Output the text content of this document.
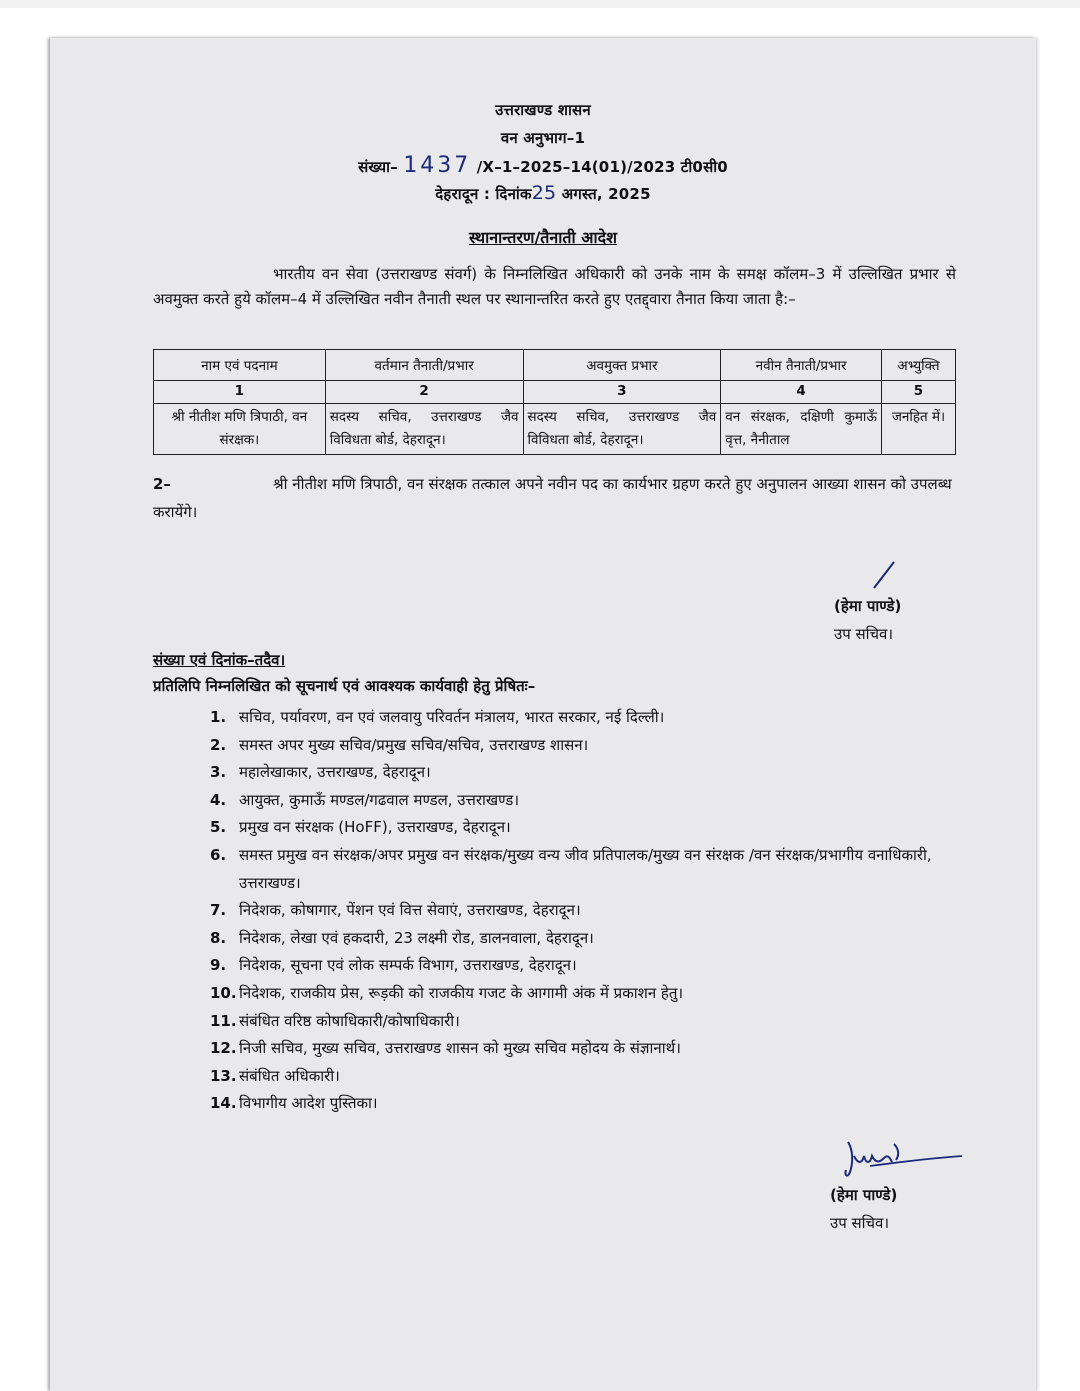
उत्तराखण्ड शासन
वन अनुभाग–1
संख्या– 1437 /X–1–2025–14(01)/2023 टी0सी0
देहरादून : दिनांक25 अगस्त, 2025
स्थानान्तरण/तैनाती आदेश
भारतीय वन सेवा (उत्तराखण्ड संवर्ग) के निम्नलिखित अधिकारी को उनके नाम के समक्ष कॉलम–3 में उल्लिखित प्रभार से अवमुक्त करते हुये कॉलम–4 में उल्लिखित नवीन तैनाती स्थल पर स्थानान्तरित करते हुए एतद्द्वारा तैनात किया जाता है:–
नाम एवं पदनाम	वर्तमान तैनाती/प्रभार	अवमुक्त प्रभार	नवीन तैनाती/प्रभार	अभ्युक्ति
1	2	3	4	5
श्री नीतीश मणि त्रिपाठी, वन संरक्षक।	सदस्य सचिव, उत्तराखण्ड जैव विविधता बोर्ड, देहरादून।	सदस्य सचिव, उत्तराखण्ड जैव विविधता बोर्ड, देहरादून।	वन संरक्षक, दक्षिणी कुमाऊँ वृत्त, नैनीताल	जनहित में।
2–	श्री नीतीश मणि त्रिपाठी, वन संरक्षक तत्काल अपने नवीन पद का कार्यभार ग्रहण करते हुए अनुपालन आख्या शासन को उपलब्ध करायेंगे।
(हेमा पाण्डे)
उप सचिव।
संख्या एवं दिनांक–तदैव।
प्रतिलिपि निम्नलिखित को सूचनार्थ एवं आवश्यक कार्यवाही हेतु प्रेषितः–
1. सचिव, पर्यावरण, वन एवं जलवायु परिवर्तन मंत्रालय, भारत सरकार, नई दिल्ली।
2. समस्त अपर मुख्य सचिव/प्रमुख सचिव/सचिव, उत्तराखण्ड शासन।
3. महालेखाकार, उत्तराखण्ड, देहरादून।
4. आयुक्त, कुमाऊँ मण्डल/गढवाल मण्डल, उत्तराखण्ड।
5. प्रमुख वन संरक्षक (HoFF), उत्तराखण्ड, देहरादून।
6. समस्त प्रमुख वन संरक्षक/अपर प्रमुख वन संरक्षक/मुख्य वन्य जीव प्रतिपालक/मुख्य वन संरक्षक /वन संरक्षक/प्रभागीय वनाधिकारी, उत्तराखण्ड।
7. निदेशक, कोषागार, पेंशन एवं वित्त सेवाएं, उत्तराखण्ड, देहरादून।
8. निदेशक, लेखा एवं हकदारी, 23 लक्ष्मी रोड, डालनवाला, देहरादून।
9. निदेशक, सूचना एवं लोक सम्पर्क विभाग, उत्तराखण्ड, देहरादून।
10. निदेशक, राजकीय प्रेस, रूड़की को राजकीय गजट के आगामी अंक में प्रकाशन हेतु।
11. संबंधित वरिष्ठ कोषाधिकारी/कोषाधिकारी।
12. निजी सचिव, मुख्य सचिव, उत्तराखण्ड शासन को मुख्य सचिव महोदय के संज्ञानार्थ।
13. संबंधित अधिकारी।
14. विभागीय आदेश पुस्तिका।
(हेमा पाण्डे)
उप सचिव।
